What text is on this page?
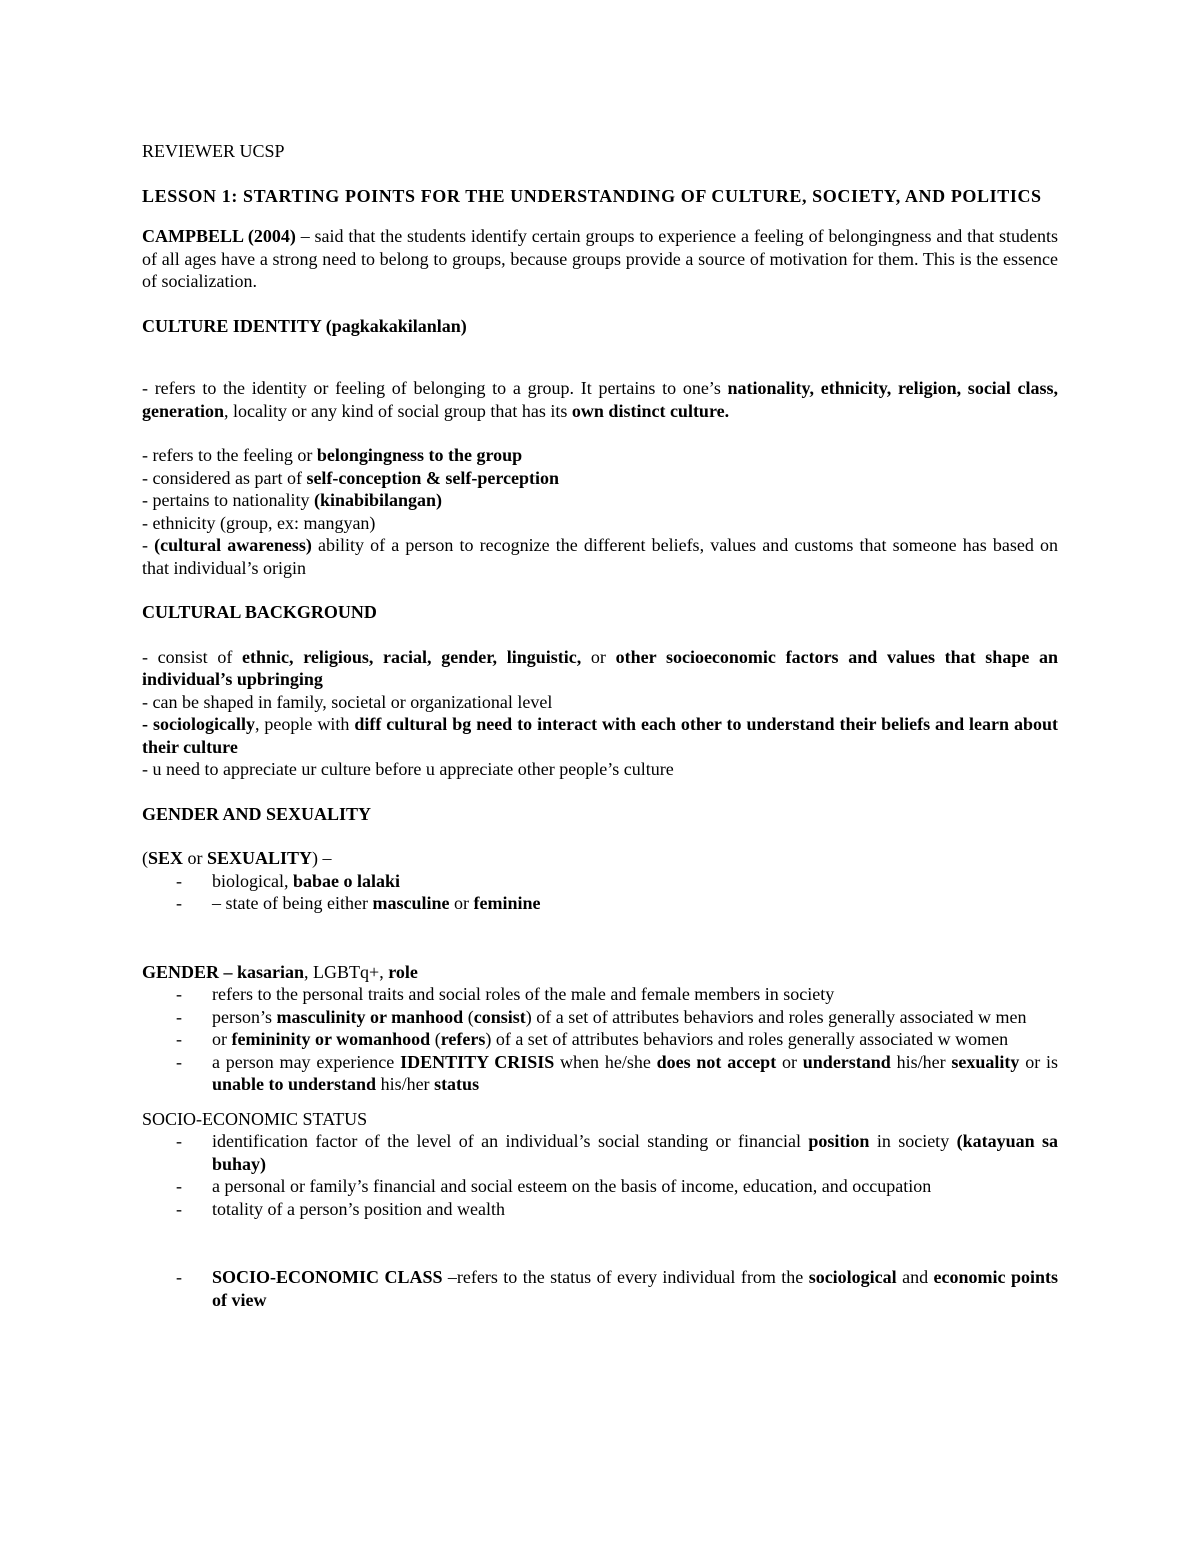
REVIEWER UCSP

LESSON 1: STARTING POINTS FOR THE UNDERSTANDING OF CULTURE, SOCIETY, AND POLITICS

CAMPBELL (2004) – said that the students identify certain groups to experience a feeling of belongingness and that students of all ages have a strong need to belong to groups, because groups provide a source of motivation for them. This is the essence of socialization.

CULTURE IDENTITY (pagkakakilanlan)

- refers to the identity or feeling of belonging to a group. It pertains to one’s nationality, ethnicity, religion, social class, generation, locality or any kind of social group that has its own distinct culture.

- refers to the feeling or belongingness to the group

- considered as part of self-conception & self-perception

- pertains to nationality (kinabibilangan)

- ethnicity (group, ex: mangyan)

- (cultural awareness) ability of a person to recognize the different beliefs, values and customs that someone has based on that individual’s origin

CULTURAL BACKGROUND

- consist of ethnic, religious, racial, gender, linguistic, or other socioeconomic factors and values that shape an individual’s upbringing

- can be shaped in family, societal or organizational level

- sociologically, people with diff cultural bg need to interact with each other to understand their beliefs and learn about their culture

- u need to appreciate ur culture before u appreciate other people’s culture

GENDER AND SEXUALITY

(SEX or SEXUALITY) –

- biological, babae o lalaki
- – state of being either masculine or feminine

GENDER – kasarian, LGBTq+, role

- refers to the personal traits and social roles of the male and female members in society
- person’s masculinity or manhood (consist) of a set of attributes behaviors and roles generally associated w men
- or femininity or womanhood (refers) of a set of attributes behaviors and roles generally associated w women
- a person may experience IDENTITY CRISIS when he/she does not accept or understand his/her sexuality or is unable to understand his/her status

SOCIO-ECONOMIC STATUS

- identification factor of the level of an individual’s social standing or financial position in society (katayuan sa buhay)
- a personal or family’s financial and social esteem on the basis of income, education, and occupation
- totality of a person’s position and wealth
- SOCIO-ECONOMIC CLASS –refers to the status of every individual from the sociological and economic points of view
